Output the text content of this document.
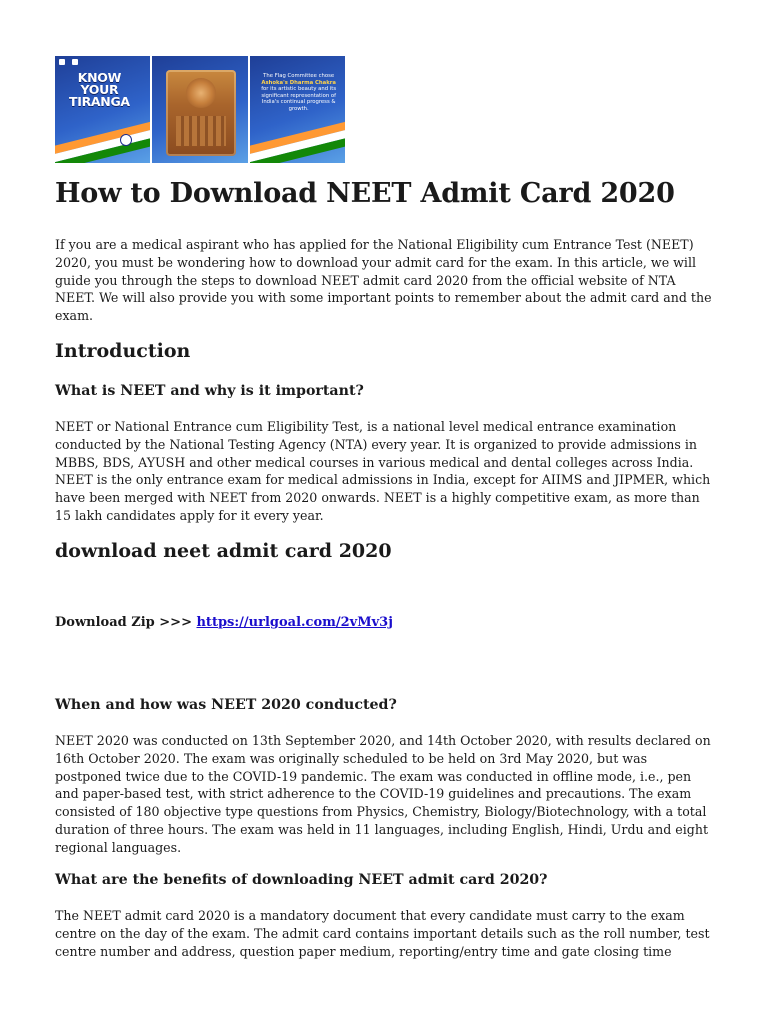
KNOW
YOUR
TIRANGA
The Flag Committee chose Ashoka's Dharma Chakra for its artistic beauty and its significant representation of India's continual progress & growth.
How to Download NEET Admit Card 2020

If you are a medical aspirant who has applied for the National Eligibility cum Entrance Test (NEET) 2020, you must be wondering how to download your admit card for the exam. In this article, we will guide you through the steps to download NEET admit card 2020 from the official website of NTA NEET. We will also provide you with some important points to remember about the admit card and the exam.

Introduction
What is NEET and why is it important?

NEET or National Entrance cum Eligibility Test, is a national level medical entrance examination conducted by the National Testing Agency (NTA) every year. It is organized to provide admissions in MBBS, BDS, AYUSH and other medical courses in various medical and dental colleges across India. NEET is the only entrance exam for medical admissions in India, except for AIIMS and JIPMER, which have been merged with NEET from 2020 onwards. NEET is a highly competitive exam, as more than 15 lakh candidates apply for it every year.

download neet admit card 2020
Download Zip >>> https://urlgoal.com/2vMv3j
When and how was NEET 2020 conducted?

NEET 2020 was conducted on 13th September 2020, and 14th October 2020, with results declared on 16th October 2020. The exam was originally scheduled to be held on 3rd May 2020, but was postponed twice due to the COVID-19 pandemic. The exam was conducted in offline mode, i.e., pen and paper-based test, with strict adherence to the COVID-19 guidelines and precautions. The exam consisted of 180 objective type questions from Physics, Chemistry, Biology/Biotechnology, with a total duration of three hours. The exam was held in 11 languages, including English, Hindi, Urdu and eight regional languages.

What are the benefits of downloading NEET admit card 2020?

The NEET admit card 2020 is a mandatory document that every candidate must carry to the exam centre on the day of the exam. The admit card contains important details such as the roll number, test centre number and address, question paper medium, reporting/entry time and gate closing time
